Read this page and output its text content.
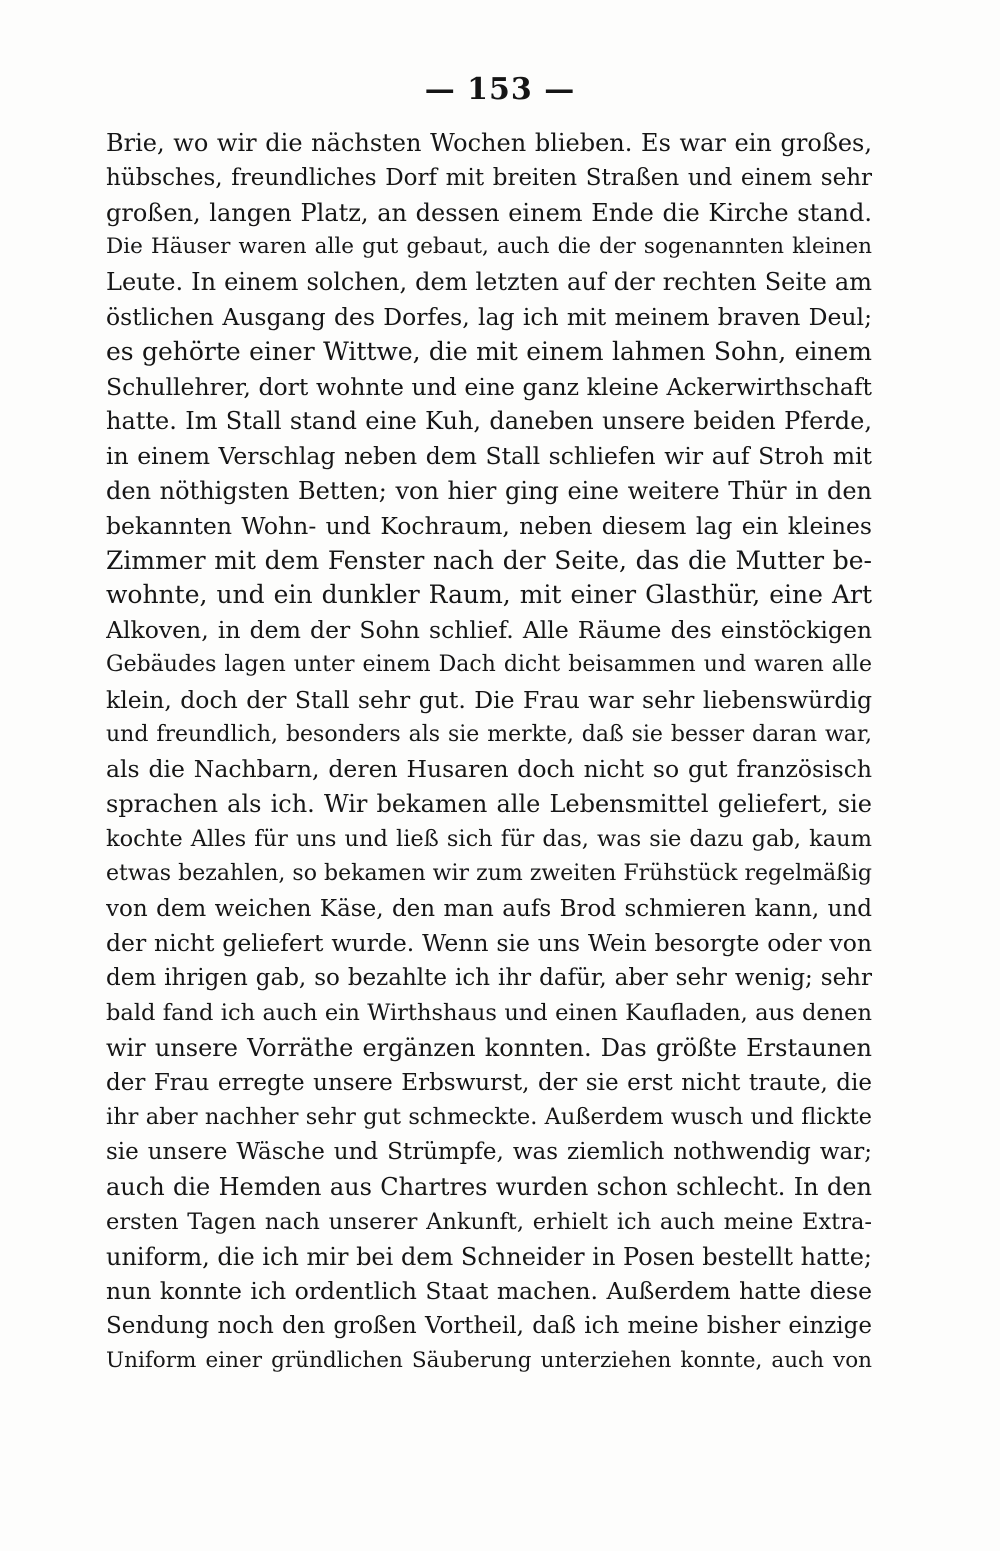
— 153 —
Brie, wo wir die nächsten Wochen blieben. Es war ein großes,
hübsches, freundliches Dorf mit breiten Straßen und einem sehr
großen, langen Platz, an dessen einem Ende die Kirche stand.
Die Häuser waren alle gut gebaut, auch die der sogenannten kleinen
Leute. In einem solchen, dem letzten auf der rechten Seite am
östlichen Ausgang des Dorfes, lag ich mit meinem braven Deul;
es gehörte einer Wittwe, die mit einem lahmen Sohn, einem
Schullehrer, dort wohnte und eine ganz kleine Ackerwirthschaft
hatte. Im Stall stand eine Kuh, daneben unsere beiden Pferde,
in einem Verschlag neben dem Stall schliefen wir auf Stroh mit
den nöthigsten Betten; von hier ging eine weitere Thür in den
bekannten Wohn- und Kochraum, neben diesem lag ein kleines
Zimmer mit dem Fenster nach der Seite, das die Mutter be-
wohnte, und ein dunkler Raum, mit einer Glasthür, eine Art
Alkoven, in dem der Sohn schlief. Alle Räume des einstöckigen
Gebäudes lagen unter einem Dach dicht beisammen und waren alle
klein, doch der Stall sehr gut. Die Frau war sehr liebenswürdig
und freundlich, besonders als sie merkte, daß sie besser daran war,
als die Nachbarn, deren Husaren doch nicht so gut französisch
sprachen als ich. Wir bekamen alle Lebensmittel geliefert, sie
kochte Alles für uns und ließ sich für das, was sie dazu gab, kaum
etwas bezahlen, so bekamen wir zum zweiten Frühstück regelmäßig
von dem weichen Käse, den man aufs Brod schmieren kann, und
der nicht geliefert wurde. Wenn sie uns Wein besorgte oder von
dem ihrigen gab, so bezahlte ich ihr dafür, aber sehr wenig; sehr
bald fand ich auch ein Wirthshaus und einen Kaufladen, aus denen
wir unsere Vorräthe ergänzen konnten. Das größte Erstaunen
der Frau erregte unsere Erbswurst, der sie erst nicht traute, die
ihr aber nachher sehr gut schmeckte. Außerdem wusch und flickte
sie unsere Wäsche und Strümpfe, was ziemlich nothwendig war;
auch die Hemden aus Chartres wurden schon schlecht. In den
ersten Tagen nach unserer Ankunft, erhielt ich auch meine Extra-
uniform, die ich mir bei dem Schneider in Posen bestellt hatte;
nun konnte ich ordentlich Staat machen. Außerdem hatte diese
Sendung noch den großen Vortheil, daß ich meine bisher einzige
Uniform einer gründlichen Säuberung unterziehen konnte, auch von
